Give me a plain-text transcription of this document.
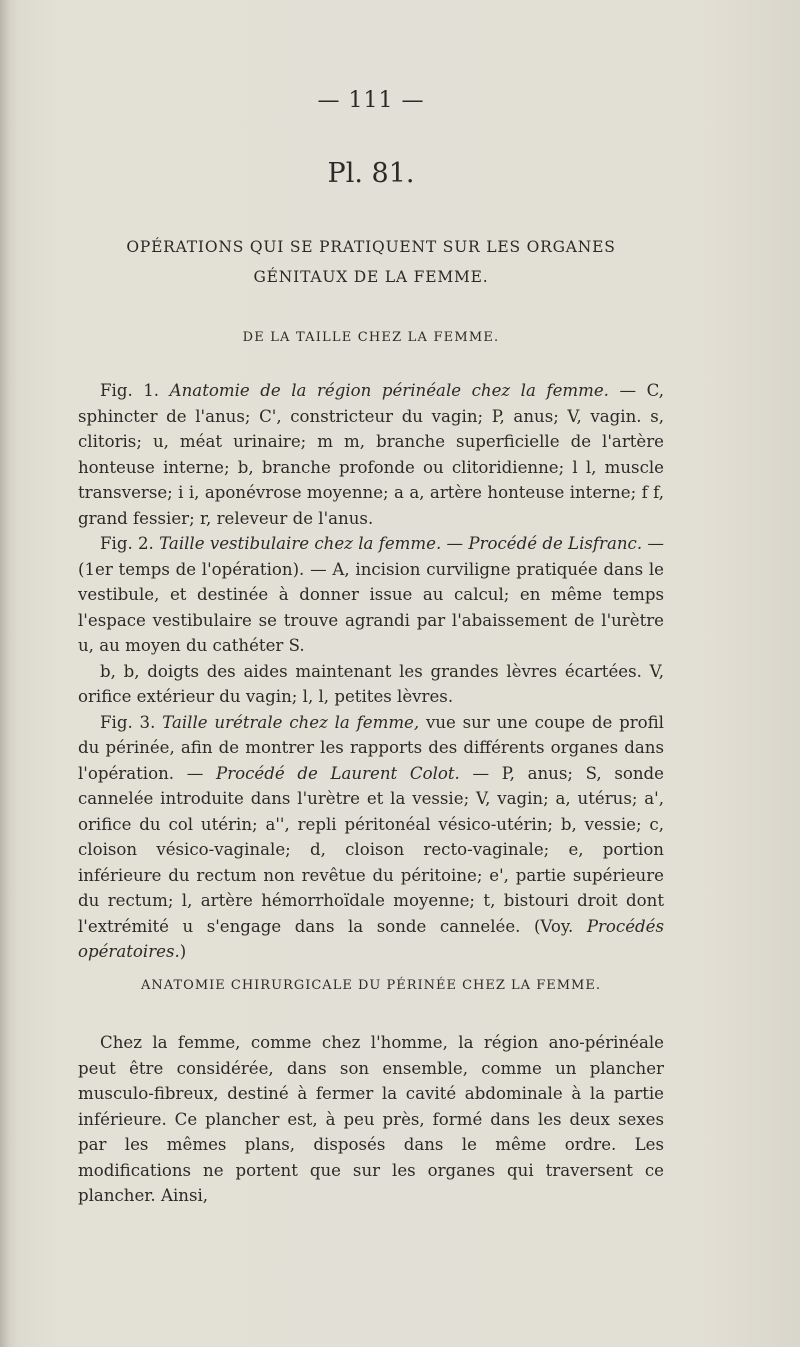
— 111 —
Pl. 81.
OPÉRATIONS QUI SE PRATIQUENT SUR LES ORGANES
GÉNITAUX DE LA FEMME.
DE LA TAILLE CHEZ LA FEMME.

Fig. 1. Anatomie de la région périnéale chez la femme. — C, sphincter de l'anus; C', constricteur du vagin; P, anus; V, vagin. s, clitoris; u, méat urinaire; m m, branche superficielle de l'artère honteuse interne; b, branche profonde ou clitoridienne; l l, muscle transverse; i i, aponévrose moyenne; a a, artère honteuse interne; f f, grand fessier; r, releveur de l'anus.

Fig. 2. Taille vestibulaire chez la femme. — Procédé de Lisfranc. — (1er temps de l'opération). — A, incision curviligne pratiquée dans le vestibule, et destinée à donner issue au calcul; en même temps l'espace vestibulaire se trouve agrandi par l'abaissement de l'urètre u, au moyen du cathéter S.

b, b, doigts des aides maintenant les grandes lèvres écartées. V, orifice extérieur du vagin; l, l, petites lèvres.

Fig. 3. Taille urétrale chez la femme, vue sur une coupe de profil du périnée, afin de montrer les rapports des différents organes dans l'opération. — Procédé de Laurent Colot. — P, anus; S, sonde cannelée introduite dans l'urètre et la vessie; V, vagin; a, utérus; a', orifice du col utérin; a'', repli péritonéal vésico-utérin; b, vessie; c, cloison vésico-vaginale; d, cloison recto-vaginale; e, portion inférieure du rectum non revêtue du péritoine; e', partie supérieure du rectum; l, artère hémorrhoïdale moyenne; t, bistouri droit dont l'extrémité u s'engage dans la sonde cannelée. (Voy. Procédés opératoires.)

ANATOMIE CHIRURGICALE DU PÉRINÉE CHEZ LA FEMME.

Chez la femme, comme chez l'homme, la région ano-périnéale peut être considérée, dans son ensemble, comme un plancher musculo-fibreux, destiné à fermer la cavité abdominale à la partie inférieure. Ce plancher est, à peu près, formé dans les deux sexes par les mêmes plans, disposés dans le même ordre. Les modifications ne portent que sur les organes qui traversent ce plancher. Ainsi,
